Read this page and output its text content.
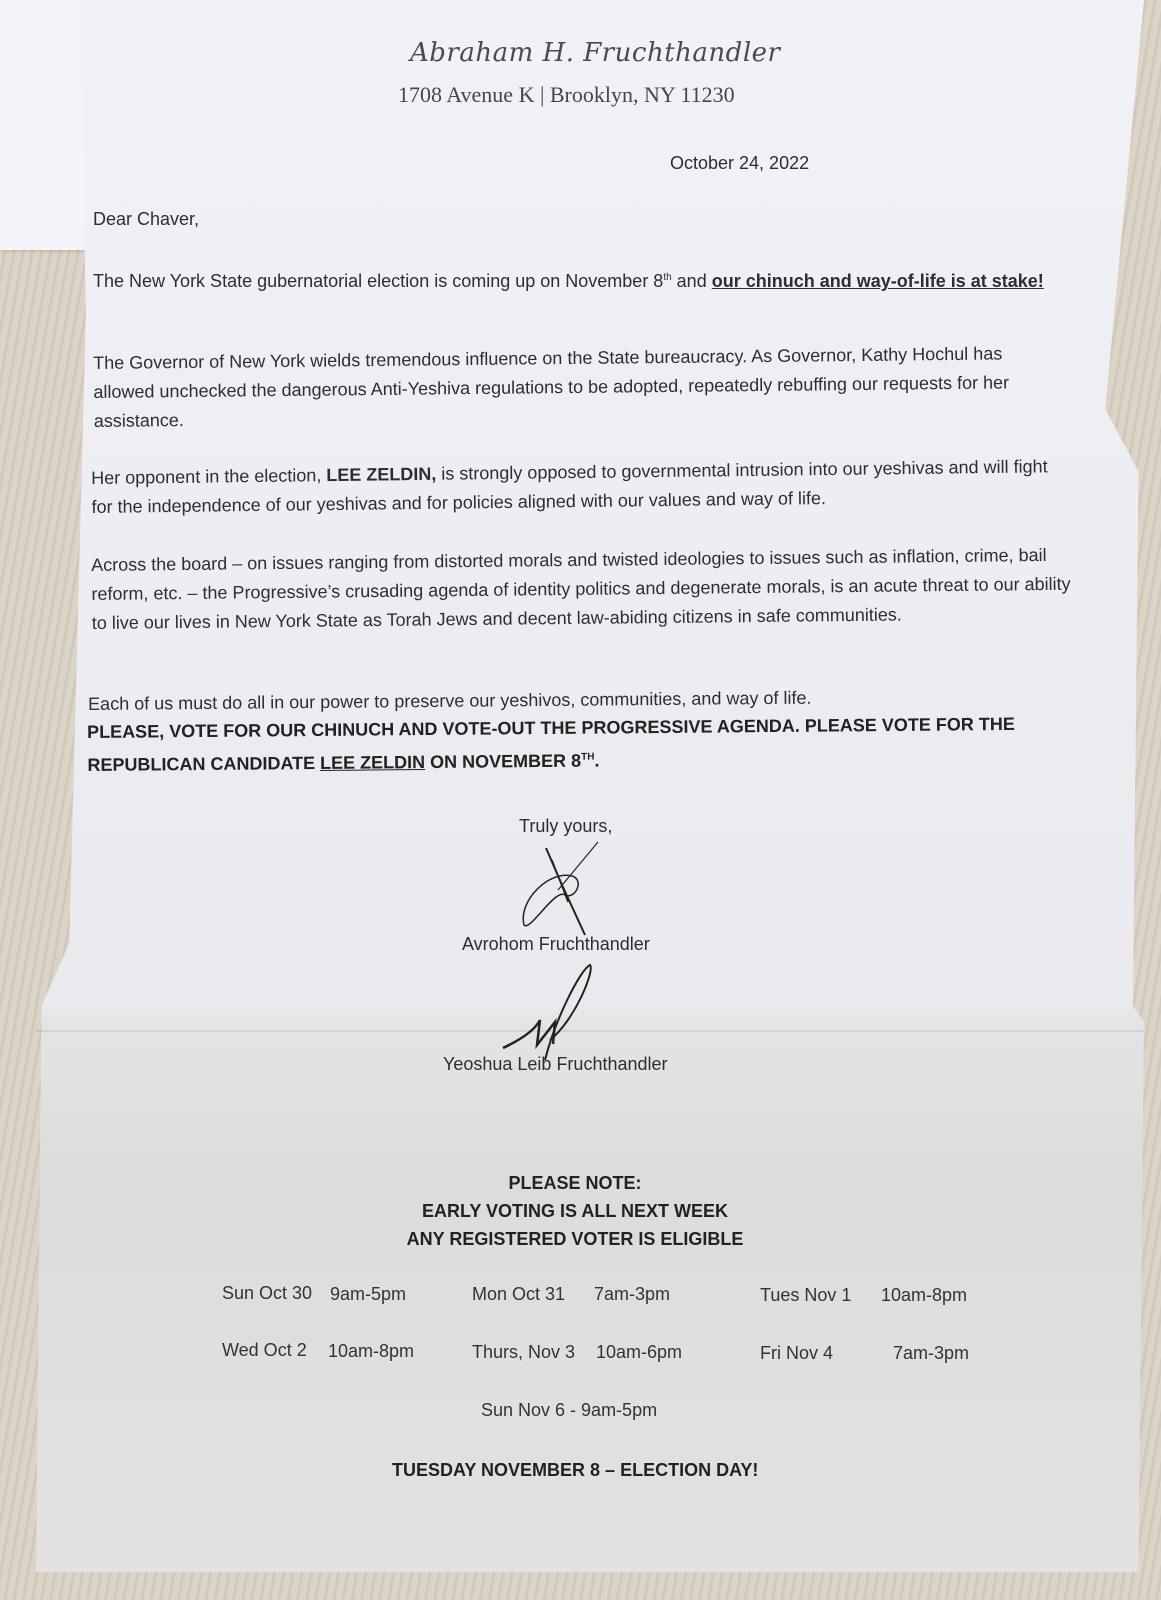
Abraham H. Fruchthandler
1708 Avenue K | Brooklyn, NY 11230
October 24, 2022
Dear Chaver,
The New York State gubernatorial election is coming up on November 8th and our chinuch and way-of-life is at stake!
The Governor of New York wields tremendous influence on the State bureaucracy. As Governor, Kathy Hochul has allowed unchecked the dangerous Anti-Yeshiva regulations to be adopted, repeatedly rebuffing our requests for her assistance.
Her opponent in the election, LEE ZELDIN, is strongly opposed to governmental intrusion into our yeshivas and will fight for the independence of our yeshivas and for policies aligned with our values and way of life.
Across the board – on issues ranging from distorted morals and twisted ideologies to issues such as inflation, crime, bail reform, etc. – the Progressive’s crusading agenda of identity politics and degenerate morals, is an acute threat to our ability to live our lives in New York State as Torah Jews and decent law-abiding citizens in safe communities.
Each of us must do all in our power to preserve our yeshivos, communities, and way of life.
PLEASE, VOTE FOR OUR CHINUCH AND VOTE-OUT THE PROGRESSIVE AGENDA. PLEASE VOTE FOR THE REPUBLICAN CANDIDATE LEE ZELDIN ON NOVEMBER 8TH.
Truly yours,
Avrohom Fruchthandler
Yeoshua Leib Fruchthandler
PLEASE NOTE:
EARLY VOTING IS ALL NEXT WEEK
ANY REGISTERED VOTER IS ELIGIBLE
Sun Oct 30 9am-5pm	Mon Oct 31 7am-3pm	Tues Nov 1 10am-8pm
Wed Oct 2 10am-8pm	Thurs, Nov 3 10am-6pm	Fri Nov 4	7am-3pm
Sun Nov 6 - 9am-5pm
TUESDAY NOVEMBER 8 – ELECTION DAY!
